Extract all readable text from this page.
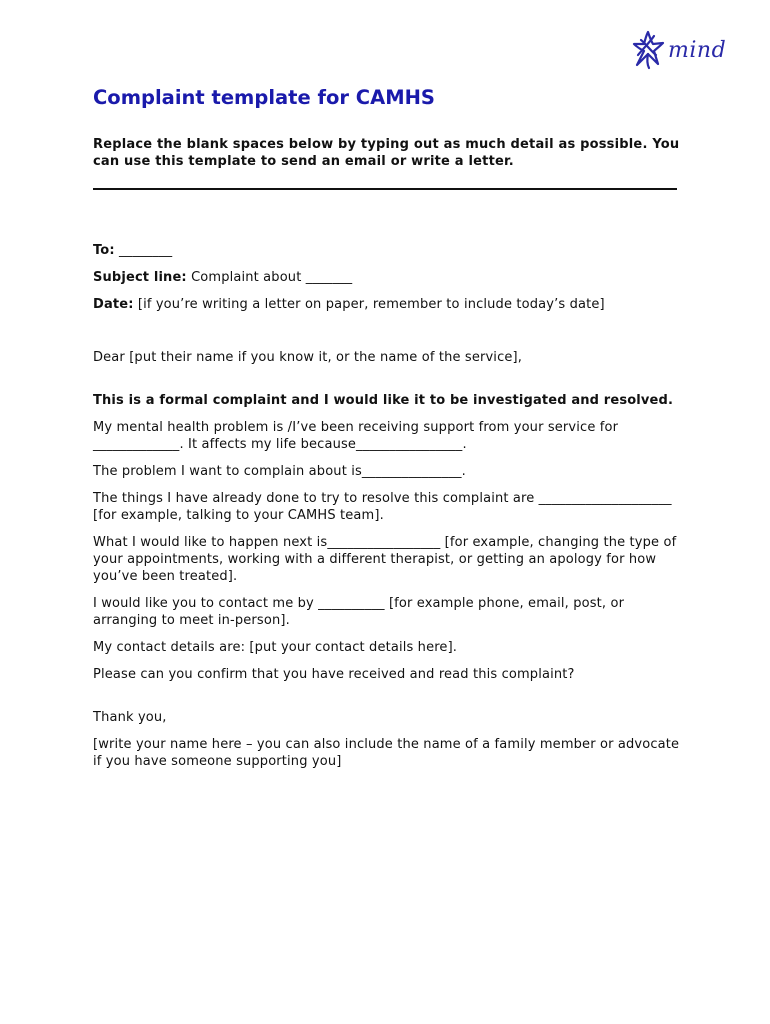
mind
Complaint template for CAMHS
Replace the blank spaces below by typing out as much detail as possible. You can use this template to send an email or write a letter.
To: ________
Subject line: Complaint about _______
Date: [if you’re writing a letter on paper, remember to include today’s date]
Dear [put their name if you know it, or the name of the service],
This is a formal complaint and I would like it to be investigated and resolved.
My mental health problem is /I’ve been receiving support from your service for _____________. It affects my life because________________.
The problem I want to complain about is_______________.
The things I have already done to try to resolve this complaint are ____________________ [for example, talking to your CAMHS team].
What I would like to happen next is_________________ [for example, changing the type of your appointments, working with a different therapist, or getting an apology for how you’ve been treated].
I would like you to contact me by __________ [for example phone, email, post, or arranging to meet in-person].
My contact details are: [put your contact details here].
Please can you confirm that you have received and read this complaint?
Thank you,
[write your name here – you can also include the name of a family member or advocate if you have someone supporting you]
